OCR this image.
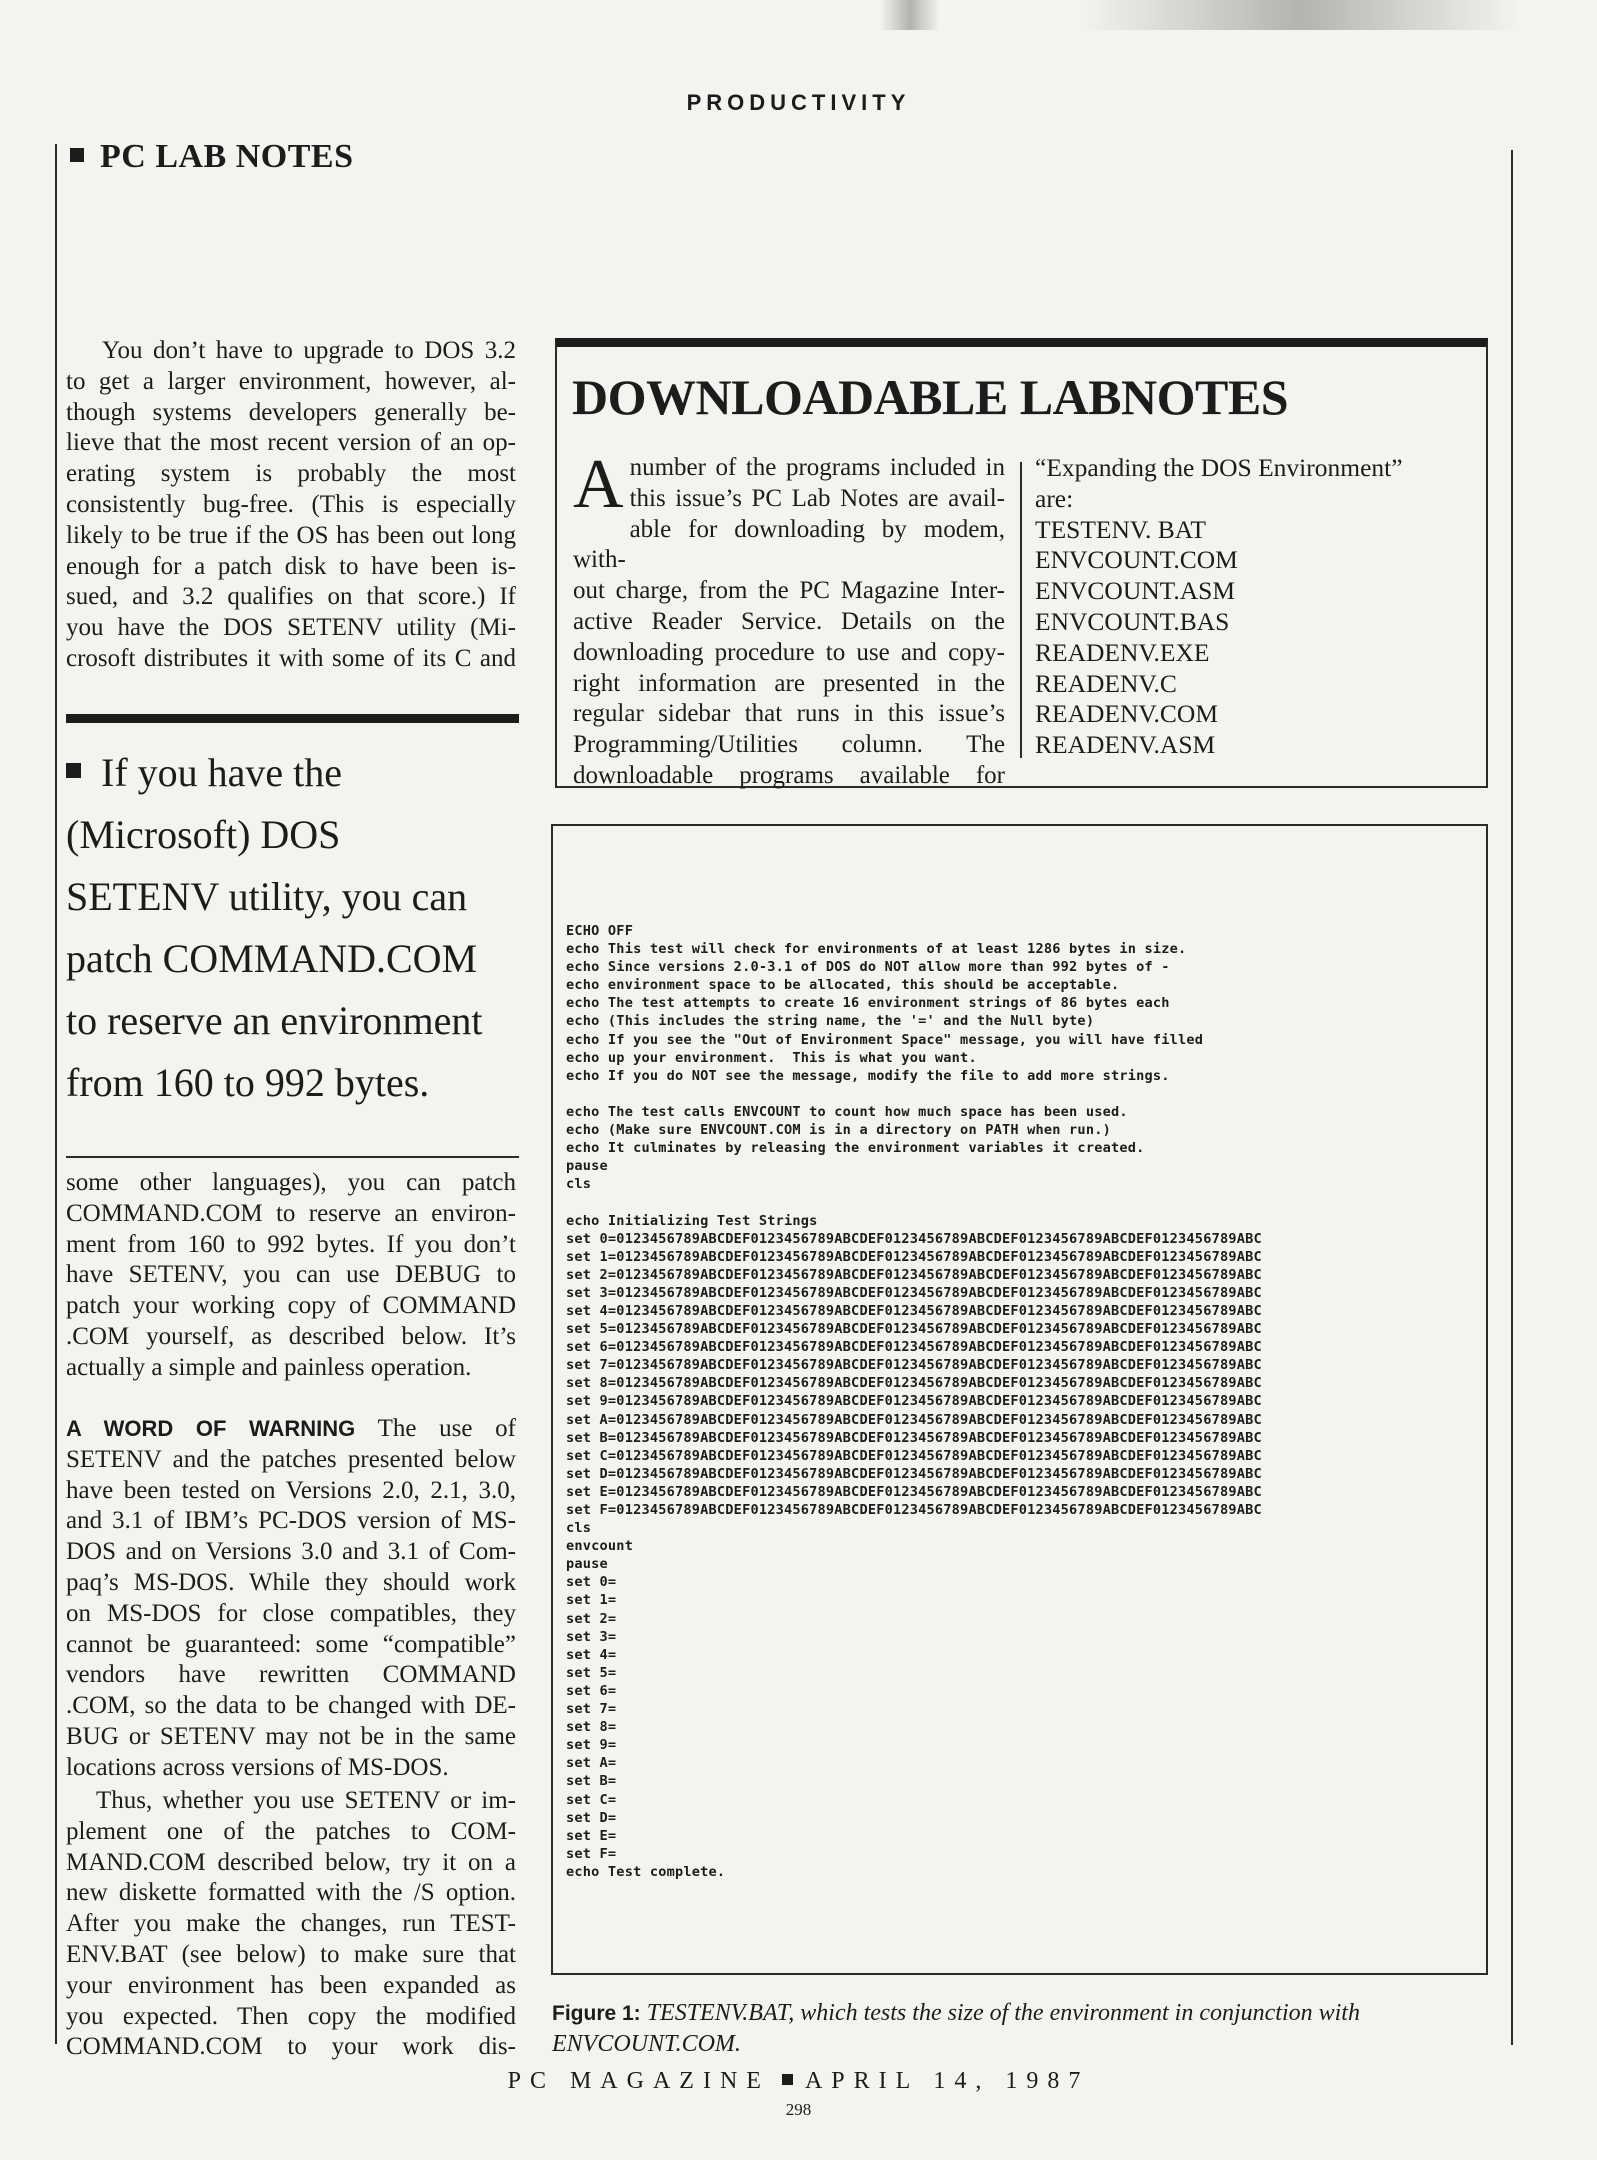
PRODUCTIVITY
PC LAB NOTES
You don’t have to upgrade to DOS 3.2
to get a larger environment, however, al-
though systems developers generally be-
lieve that the most recent version of an op-
erating system is probably the most
consistently bug-free. (This is especially
likely to be true if the OS has been out long
enough for a patch disk to have been is-
sued, and 3.2 qualifies on that score.) If
you have the DOS SETENV utility (Mi-
crosoft distributes it with some of its C and
If you have the
(Microsoft) DOS
SETENV utility, you can
patch COMMAND.COM
to reserve an environment
from 160 to 992 bytes.
some other languages), you can patch
COMMAND.COM to reserve an environ-
ment from 160 to 992 bytes. If you don’t
have SETENV, you can use DEBUG to
patch your working copy of COMMAND
.COM yourself, as described below. It’s
actually a simple and painless operation.
A WORD OF WARNING The use of
SETENV and the patches presented below
have been tested on Versions 2.0, 2.1, 3.0,
and 3.1 of IBM’s PC-DOS version of MS-
DOS and on Versions 3.0 and 3.1 of Com-
paq’s MS-DOS. While they should work
on MS-DOS for close compatibles, they
cannot be guaranteed: some “compatible”
vendors have rewritten COMMAND
.COM, so the data to be changed with DE-
BUG or SETENV may not be in the same
locations across versions of MS-DOS.
Thus, whether you use SETENV or im-
plement one of the patches to COM-
MAND.COM described below, try it on a
new diskette formatted with the /S option.
After you make the changes, run TEST-
ENV.BAT (see below) to make sure that
your environment has been expanded as
you expected. Then copy the modified
COMMAND.COM to your work dis-
DOWNLOADABLE LABNOTES
A number of the programs included in
this issue’s PC Lab Notes are avail-
able for downloading by modem, with-
out charge, from the PC Magazine Inter-
active Reader Service. Details on the
downloading procedure to use and copy-
right information are presented in the
regular sidebar that runs in this issue’s
Programming/Utilities column. The
downloadable programs available for
“Expanding the DOS Environment”
are:
TESTENV. BAT
ENVCOUNT.COM
ENVCOUNT.ASM
ENVCOUNT.BAS
READENV.EXE
READENV.C
READENV.COM
READENV.ASM
ECHO OFF
echo This test will check for environments of at least 1286 bytes in size.
echo Since versions 2.0-3.1 of DOS do NOT allow more than 992 bytes of -
echo environment space to be allocated, this should be acceptable.
echo The test attempts to create 16 environment strings of 86 bytes each
echo (This includes the string name, the '=' and the Null byte)
echo If you see the "Out of Environment Space" message, you will have filled
echo up your environment.  This is what you want.
echo If you do NOT see the message, modify the file to add more strings.

echo The test calls ENVCOUNT to count how much space has been used.
echo (Make sure ENVCOUNT.COM is in a directory on PATH when run.)
echo It culminates by releasing the environment variables it created.
pause
cls

echo Initializing Test Strings
set 0=0123456789ABCDEF0123456789ABCDEF0123456789ABCDEF0123456789ABCDEF0123456789ABC
set 1=0123456789ABCDEF0123456789ABCDEF0123456789ABCDEF0123456789ABCDEF0123456789ABC
set 2=0123456789ABCDEF0123456789ABCDEF0123456789ABCDEF0123456789ABCDEF0123456789ABC
set 3=0123456789ABCDEF0123456789ABCDEF0123456789ABCDEF0123456789ABCDEF0123456789ABC
set 4=0123456789ABCDEF0123456789ABCDEF0123456789ABCDEF0123456789ABCDEF0123456789ABC
set 5=0123456789ABCDEF0123456789ABCDEF0123456789ABCDEF0123456789ABCDEF0123456789ABC
set 6=0123456789ABCDEF0123456789ABCDEF0123456789ABCDEF0123456789ABCDEF0123456789ABC
set 7=0123456789ABCDEF0123456789ABCDEF0123456789ABCDEF0123456789ABCDEF0123456789ABC
set 8=0123456789ABCDEF0123456789ABCDEF0123456789ABCDEF0123456789ABCDEF0123456789ABC
set 9=0123456789ABCDEF0123456789ABCDEF0123456789ABCDEF0123456789ABCDEF0123456789ABC
set A=0123456789ABCDEF0123456789ABCDEF0123456789ABCDEF0123456789ABCDEF0123456789ABC
set B=0123456789ABCDEF0123456789ABCDEF0123456789ABCDEF0123456789ABCDEF0123456789ABC
set C=0123456789ABCDEF0123456789ABCDEF0123456789ABCDEF0123456789ABCDEF0123456789ABC
set D=0123456789ABCDEF0123456789ABCDEF0123456789ABCDEF0123456789ABCDEF0123456789ABC
set E=0123456789ABCDEF0123456789ABCDEF0123456789ABCDEF0123456789ABCDEF0123456789ABC
set F=0123456789ABCDEF0123456789ABCDEF0123456789ABCDEF0123456789ABCDEF0123456789ABC
cls
envcount
pause
set 0=
set 1=
set 2=
set 3=
set 4=
set 5=
set 6=
set 7=
set 8=
set 9=
set A=
set B=
set C=
set D=
set E=
set F=
echo Test complete.
Figure 1: TESTENV.BAT, which tests the size of the environment in conjunction with
ENVCOUNT.COM.
PC MAGAZINE APRIL 14, 1987
298
